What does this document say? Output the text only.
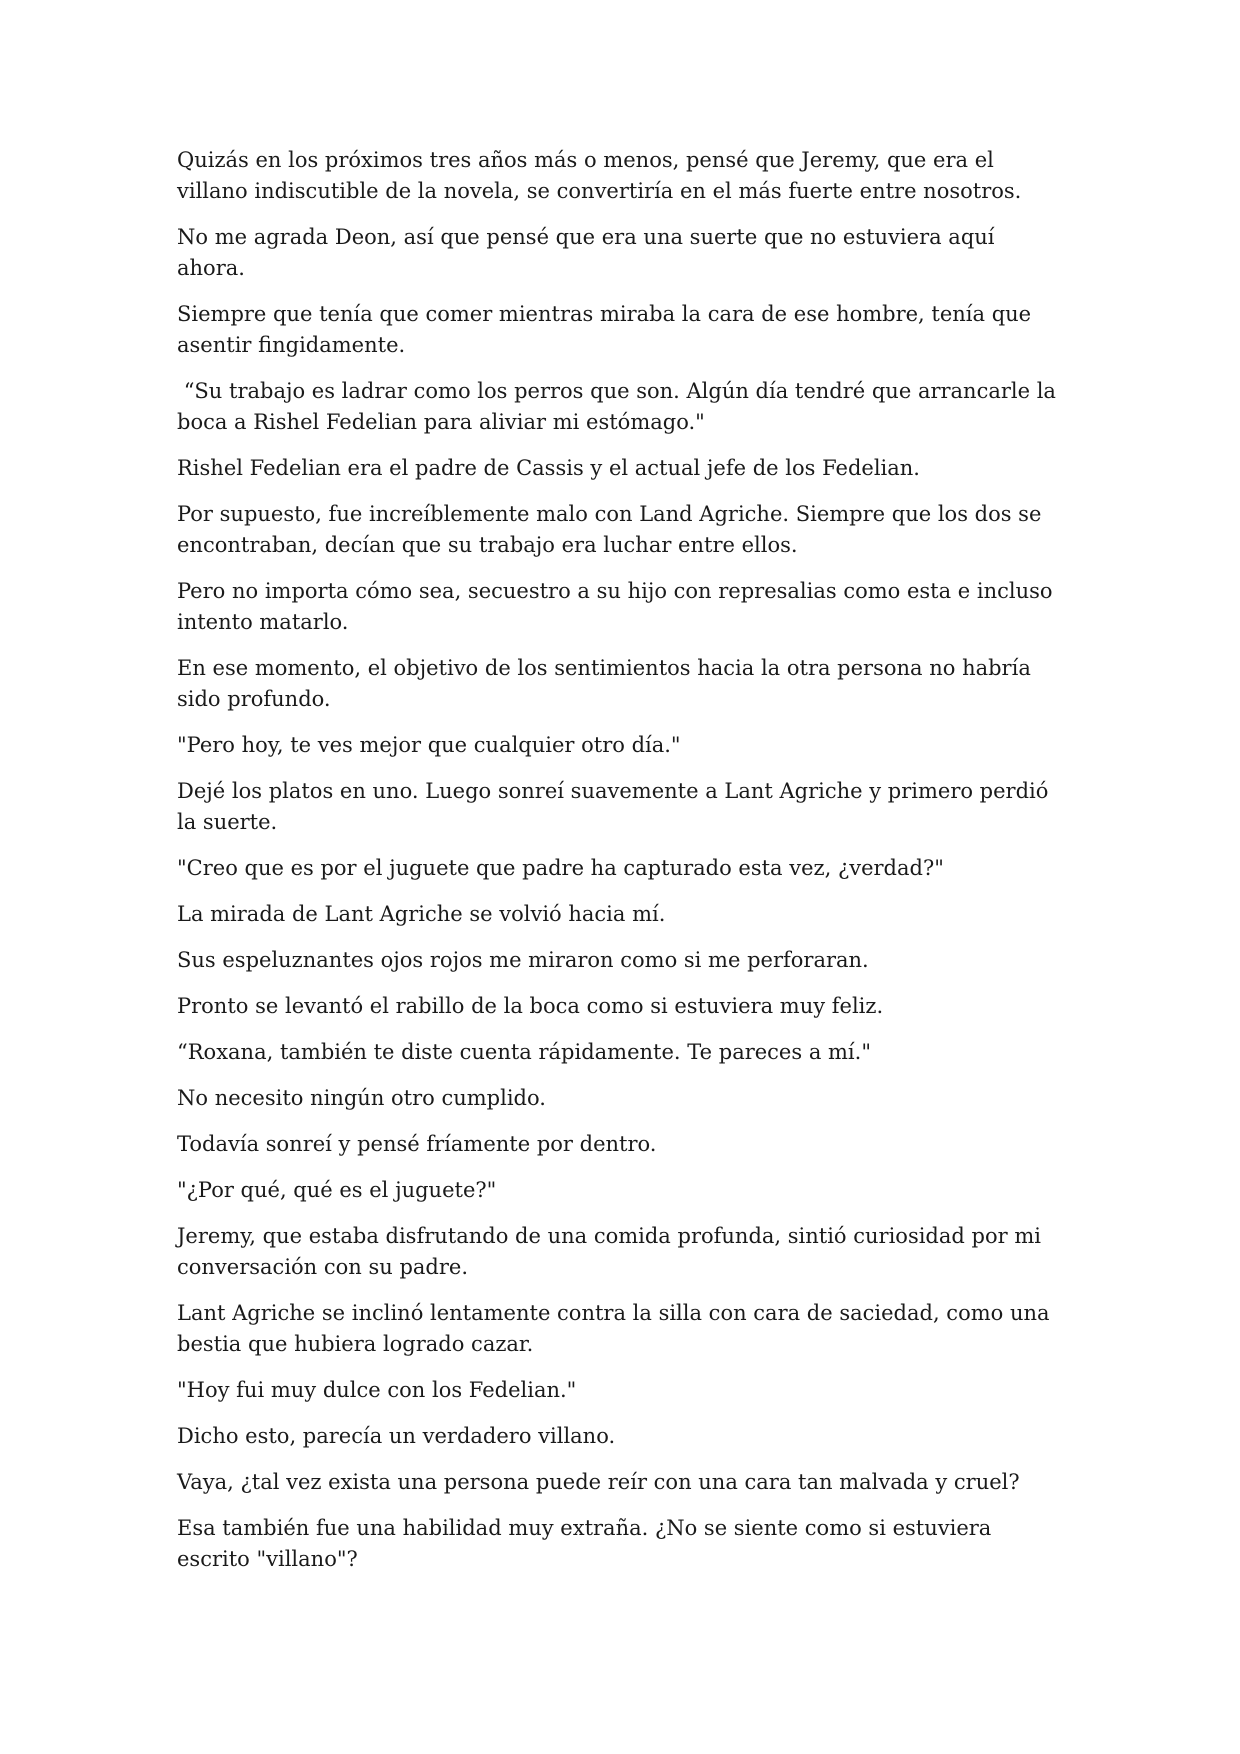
Quizás en los próximos tres años más o menos, pensé que Jeremy, que era el villano indiscutible de la novela, se convertiría en el más fuerte entre nosotros.

No me agrada Deon, así que pensé que era una suerte que no estuviera aquí ahora.

Siempre que tenía que comer mientras miraba la cara de ese hombre, tenía que asentir fingidamente.

“Su trabajo es ladrar como los perros que son. Algún día tendré que arrancarle la boca a Rishel Fedelian para aliviar mi estómago."

Rishel Fedelian era el padre de Cassis y el actual jefe de los Fedelian.

Por supuesto, fue increíblemente malo con Land Agriche. Siempre que los dos se encontraban, decían que su trabajo era luchar entre ellos.

Pero no importa cómo sea, secuestro a su hijo con represalias como esta e incluso intento matarlo.

En ese momento, el objetivo de los sentimientos hacia la otra persona no habría sido profundo.

"Pero hoy, te ves mejor que cualquier otro día."

Dejé los platos en uno. Luego sonreí suavemente a Lant Agriche y primero perdió la suerte.

"Creo que es por el juguete que padre ha capturado esta vez, ¿verdad?"

La mirada de Lant Agriche se volvió hacia mí.

Sus espeluznantes ojos rojos me miraron como si me perforaran.

Pronto se levantó el rabillo de la boca como si estuviera muy feliz.

“Roxana, también te diste cuenta rápidamente. Te pareces a mí."

No necesito ningún otro cumplido.

Todavía sonreí y pensé fríamente por dentro.

"¿Por qué, qué es el juguete?"

Jeremy, que estaba disfrutando de una comida profunda, sintió curiosidad por mi conversación con su padre.

Lant Agriche se inclinó lentamente contra la silla con cara de saciedad, como una bestia que hubiera logrado cazar.

"Hoy fui muy dulce con los Fedelian."

Dicho esto, parecía un verdadero villano.

Vaya, ¿tal vez exista una persona puede reír con una cara tan malvada y cruel?

Esa también fue una habilidad muy extraña. ¿No se siente como si estuviera escrito "villano"?
